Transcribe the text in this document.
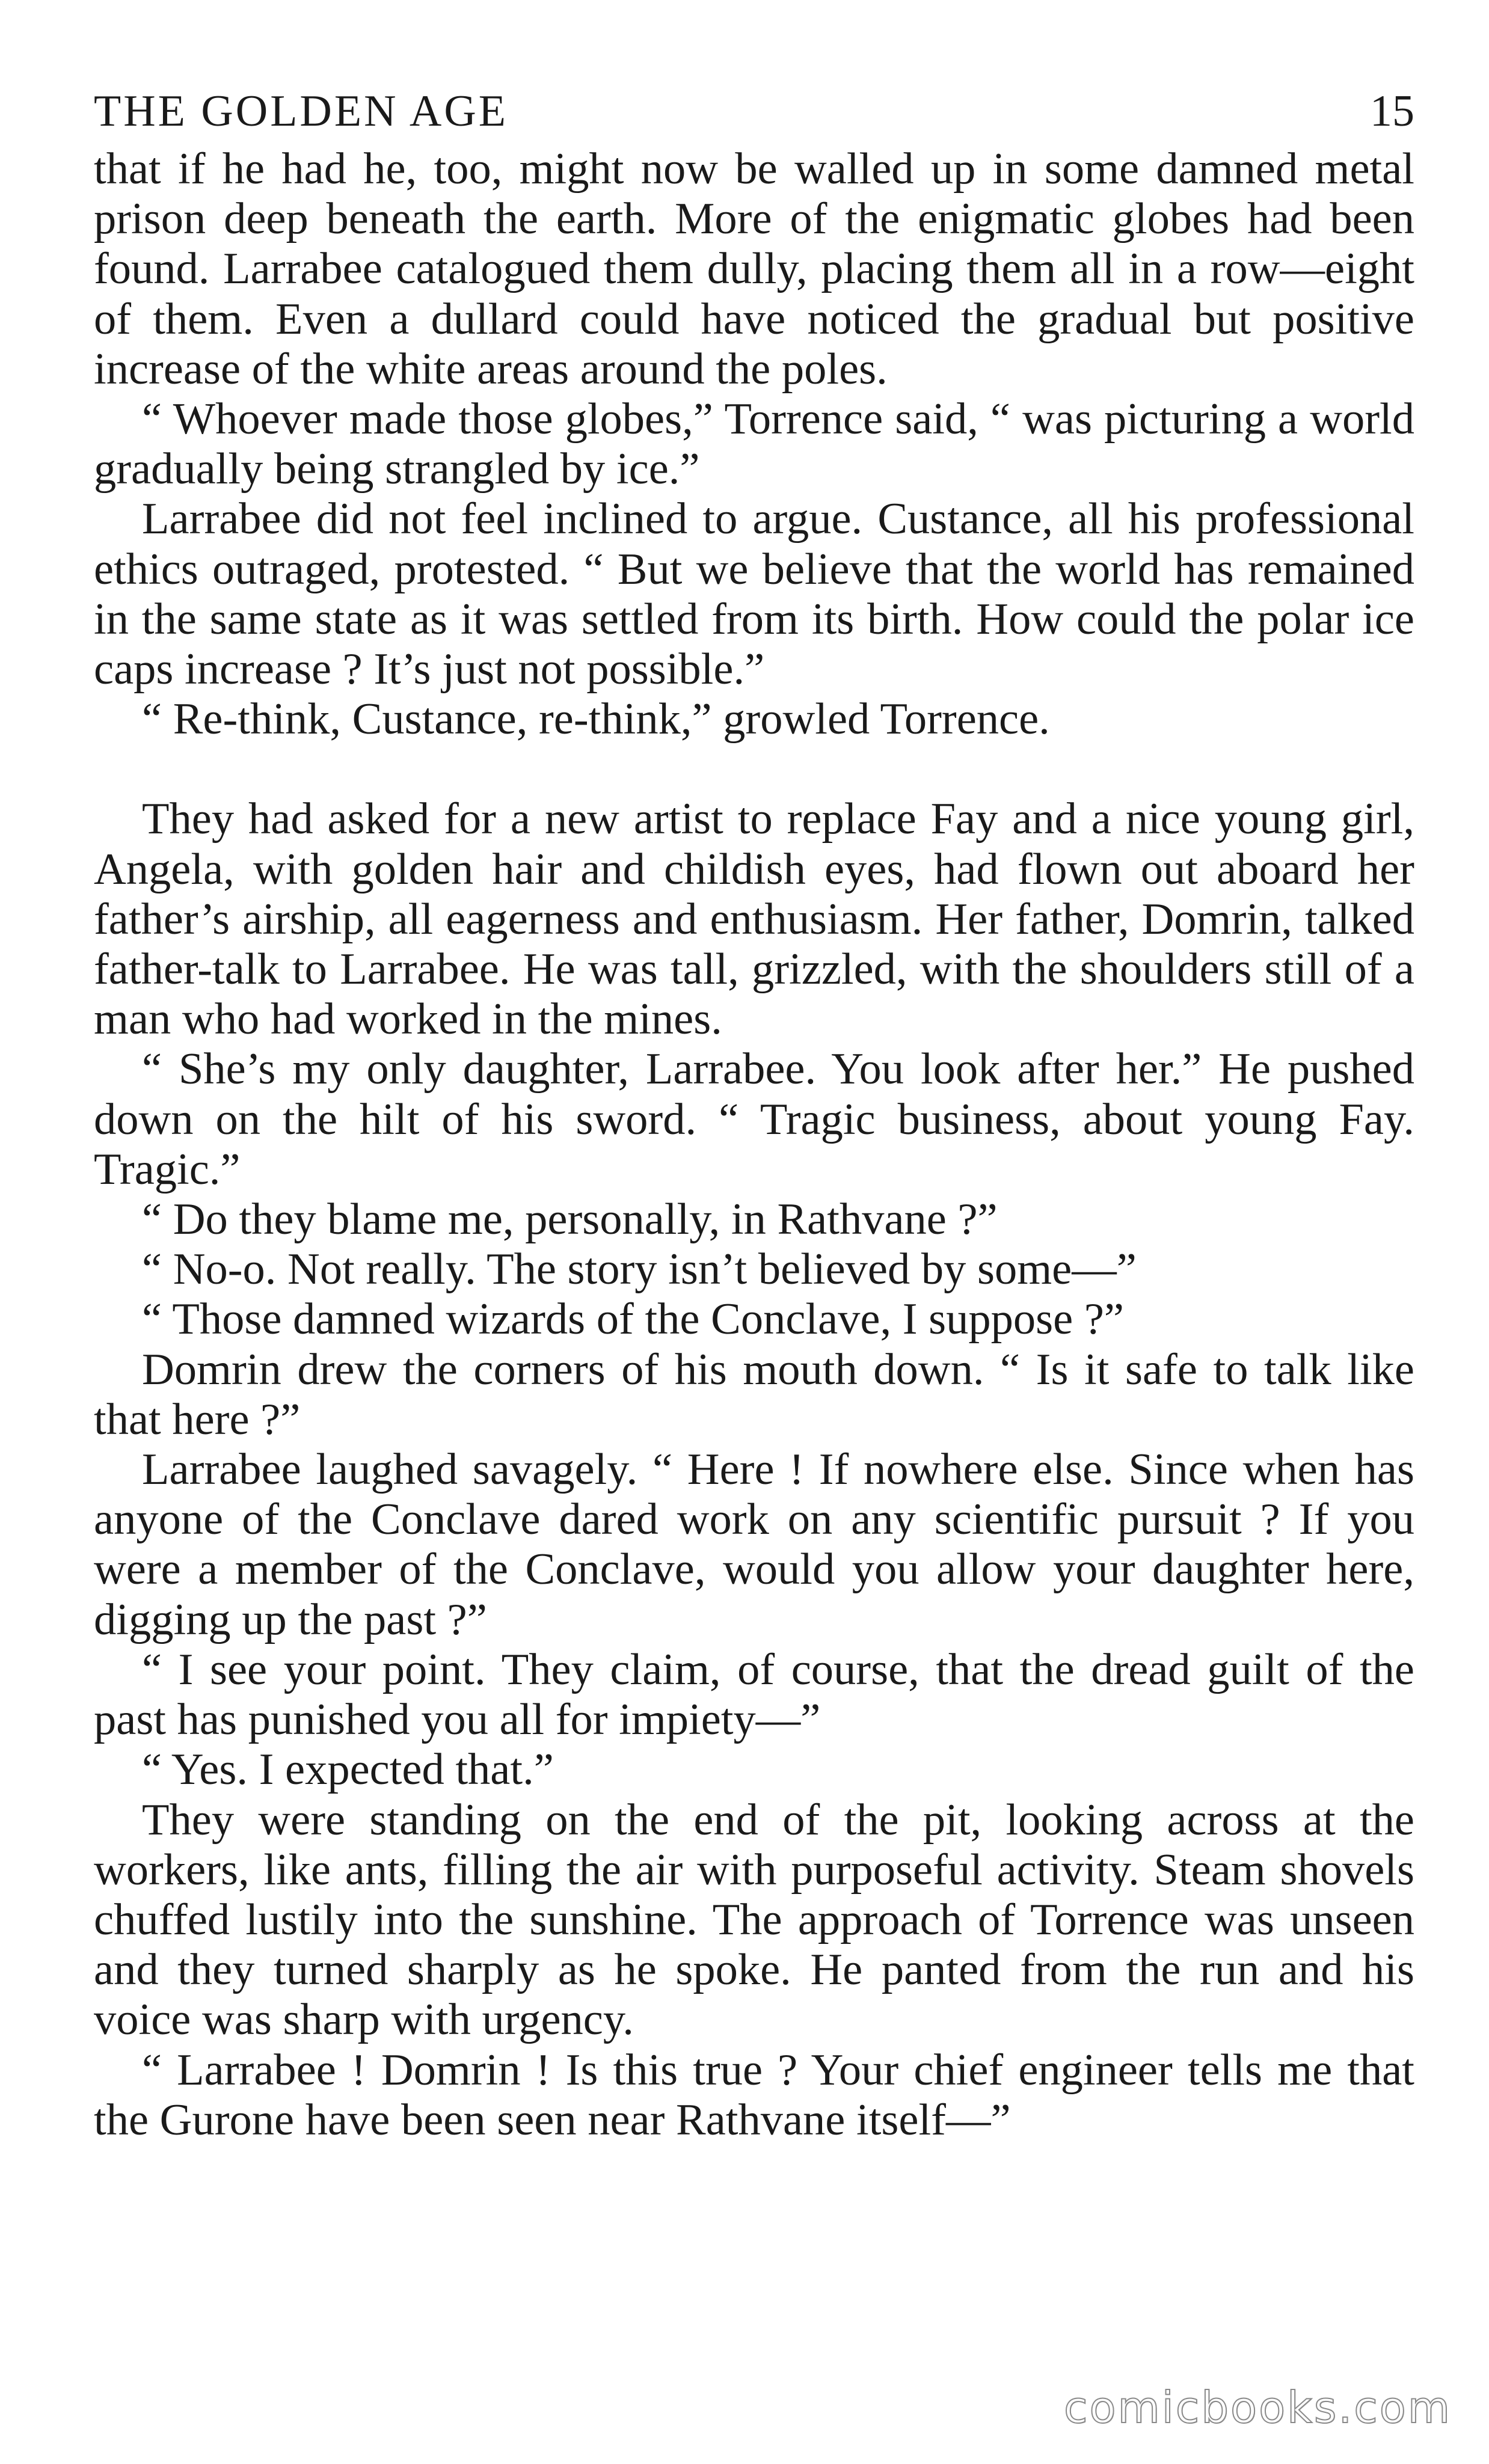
THE GOLDEN AGE	15

that if he had he, too, might now be walled up in some damned metal prison deep beneath the earth. More of the enigmatic globes had been found. Larrabee catalogued them dully, placing them all in a row—eight of them. Even a dullard could have noticed the gradual but positive increase of the white areas around the poles.

“ Whoever made those globes,” Torrence said, “ was picturing a world gradually being strangled by ice.”

Larrabee did not feel inclined to argue. Custance, all his professional ethics outraged, protested. “ But we believe that the world has remained in the same state as it was settled from its birth. How could the polar ice caps increase ? It’s just not possible.”

“ Re-think, Custance, re-think,” growled Torrence.

They had asked for a new artist to replace Fay and a nice young girl, Angela, with golden hair and childish eyes, had flown out aboard her father’s airship, all eagerness and enthusiasm. Her father, Domrin, talked father-talk to Larrabee. He was tall, grizzled, with the shoulders still of a man who had worked in the mines.

“ She’s my only daughter, Larrabee. You look after her.” He pushed down on the hilt of his sword. “ Tragic business, about young Fay. Tragic.”

“ Do they blame me, personally, in Rathvane ?”

“ No-o. Not really. The story isn’t believed by some—”

“ Those damned wizards of the Conclave, I suppose ?”

Domrin drew the corners of his mouth down. “ Is it safe to talk like that here ?”

Larrabee laughed savagely. “ Here ! If nowhere else. Since when has anyone of the Conclave dared work on any scientific pursuit ? If you were a member of the Conclave, would you allow your daughter here, digging up the past ?”

“ I see your point. They claim, of course, that the dread guilt of the past has punished you all for impiety—”

“ Yes. I expected that.”

They were standing on the end of the pit, looking across at the workers, like ants, filling the air with purposeful activity. Steam shovels chuffed lustily into the sunshine. The approach of Torrence was unseen and they turned sharply as he spoke. He panted from the run and his voice was sharp with urgency.

“ Larrabee ! Domrin ! Is this true ? Your chief engineer tells me that the Gurone have been seen near Rathvane itself—”

comicbooks.com
